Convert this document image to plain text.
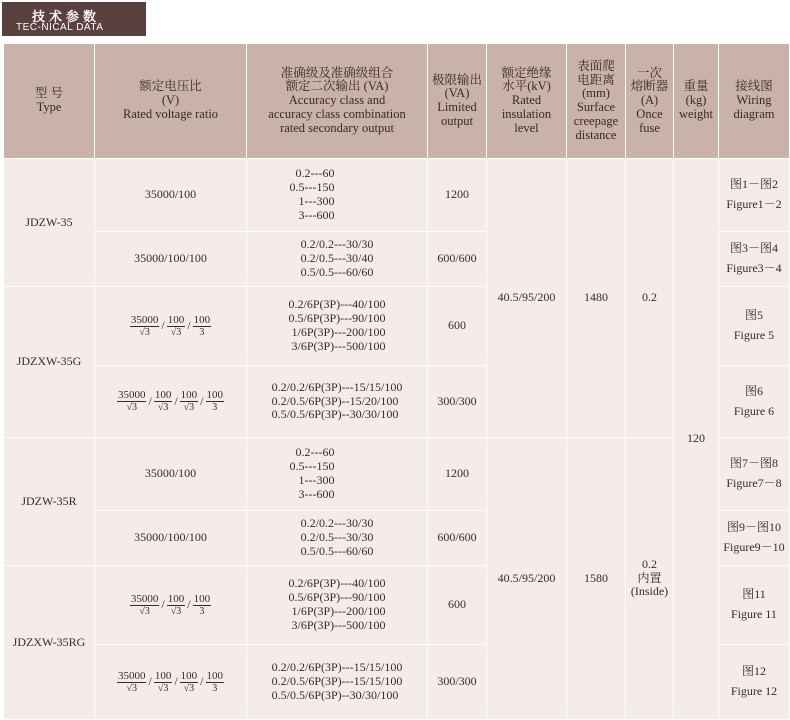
技术参数
TEC-NICAL DATA
型 号
Type
额定电压比
(V)
Rated voltage ratio
准确级及准确级组合
额定二次输出 (VA)
Accuracy class and
accuracy class combination
rated secondary output
极限输出
(VA)
Limited
output
额定绝缘
水平(kV)
Rated
insulation
level
表面爬
电距离
(mm)
Surface
creepage
distance
一次
熔断器
(A)
Once
fuse
重量
(kg)
weight
接线图
Wiring
diagram
JDZW-35
JDZXW-35G
JDZW-35R
JDZXW-35RG
35000/100
35000/100/100
$\frac{35000}{√3} / \frac{100}{√3} / \frac{100}{3}$
$\frac{35000}{√3} / \frac{100}{√3} / \frac{100}{√3} / \frac{100}{3}$
35000/100
35000/100/100
$\frac{35000}{√3} / \frac{100}{√3} / \frac{100}{3}$
$\frac{35000}{√3} / \frac{100}{√3} / \frac{100}{√3} / \frac{100}{3}$
0.2---60
0.5---150
1---300
3---600
0.2/0.2---30/30
0.2/0.5---30/40
0.5/0.5---60/60
0.2/6P(3P)---40/100
0.5/6P(3P)---90/100
1/6P(3P)---200/100
3/6P(3P)---500/100
0.2/0.2/6P(3P)---15/15/100
0.2/0.5/6P(3P)--15/20/100
0.5/0.5/6P(3P)--30/30/100
0.2---60
0.5---150
1---300
3---600
0.2/0.2---30/30
0.2/0.5---30/30
0.5/0.5---60/60
0.2/6P(3P)---40/100
0.5/6P(3P)---90/100
1/6P(3P)---200/100
3/6P(3P)---500/100
0.2/0.2/6P(3P)---15/15/100
0.2/0.5/6P(3P)---15/15/100
0.5/0.5/6P(3P)--30/30/100
1200
600/600
600
300/300
1200
600/600
600
300/300
40.5/95/200
40.5/95/200
1480
1580
0.2
0.2
内置
(Inside)
120
图1－图2
Figure1－2
图3－图4
Figure3－4
图5
Figure 5
图6
Figure 6
图7－图8
Figure7－8
图9－图10
Figure9－10
图11
Figure 11
图12
Figure 12
